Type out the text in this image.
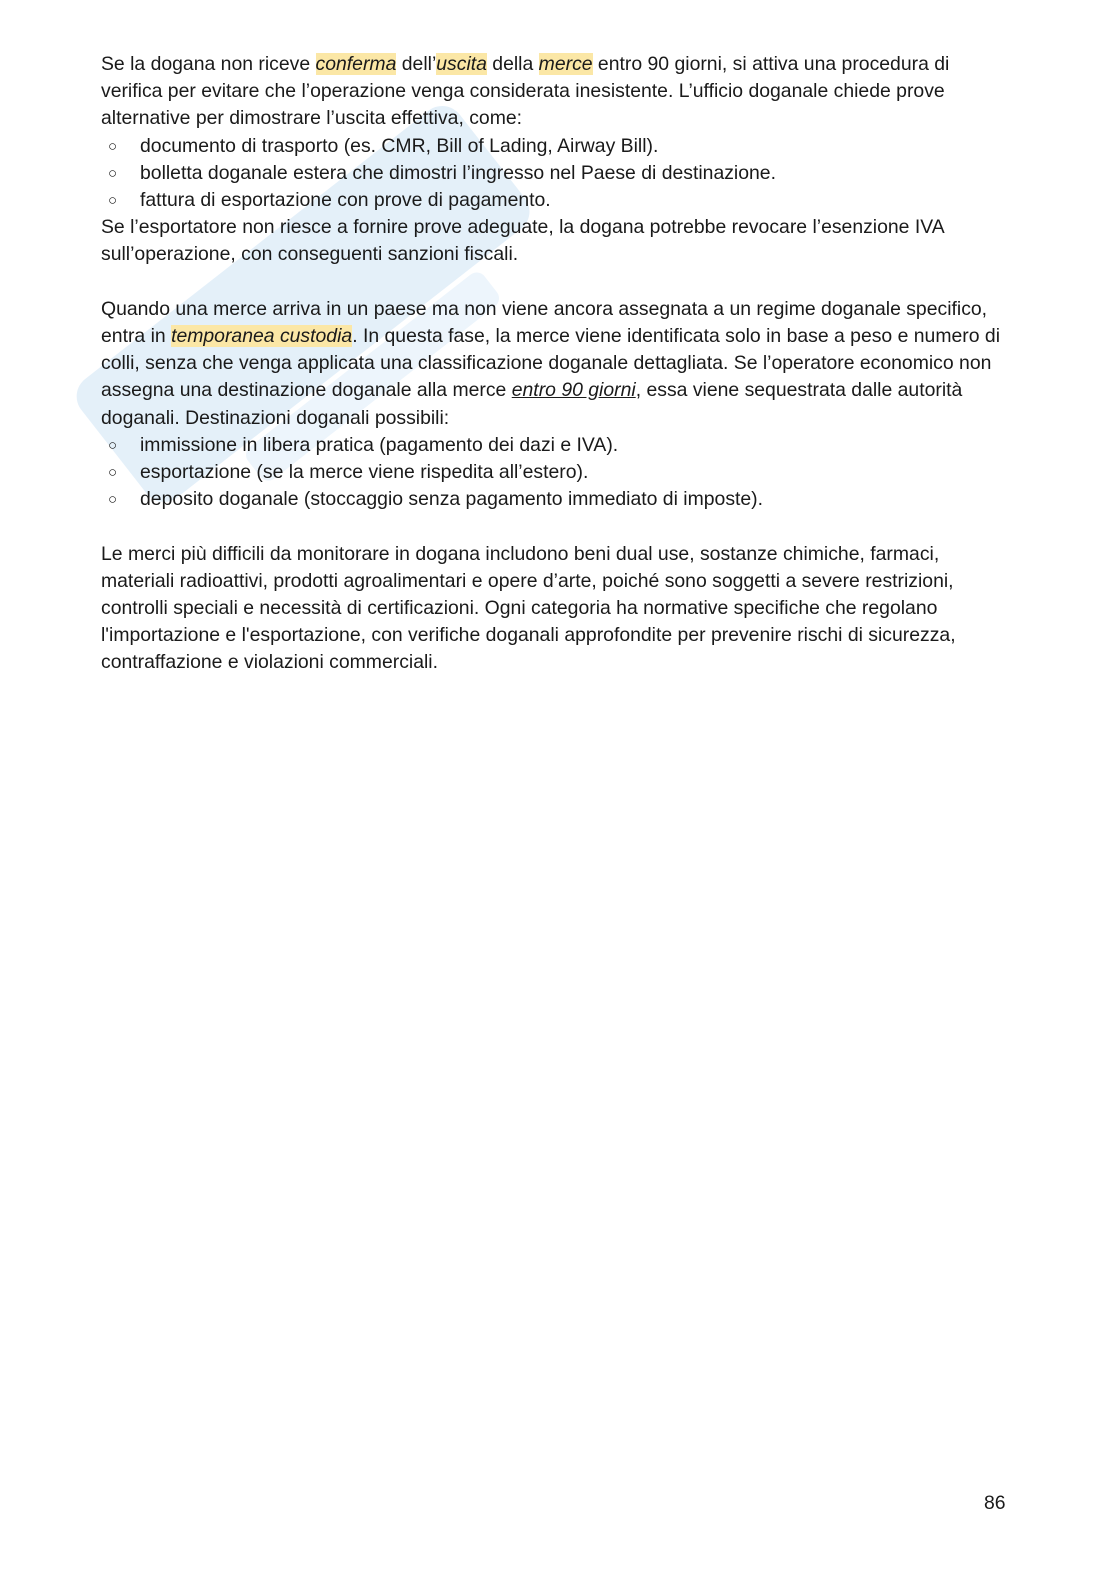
Se la dogana non riceve conferma dell’uscita della merce entro 90 giorni, si attiva una procedura di verifica per evitare che l’operazione venga considerata inesistente. L’ufficio doganale chiede prove alternative per dimostrare l’uscita effettiva, come:

○ documento di trasporto (es. CMR, Bill of Lading, Airway Bill).
○ bolletta doganale estera che dimostri l’ingresso nel Paese di destinazione.
○ fattura di esportazione con prove di pagamento.

Se l’esportatore non riesce a fornire prove adeguate, la dogana potrebbe revocare l’esenzione IVA sull’operazione, con conseguenti sanzioni fiscali.

Quando una merce arriva in un paese ma non viene ancora assegnata a un regime doganale specifico, entra in temporanea custodia. In questa fase, la merce viene identificata solo in base a peso e numero di colli, senza che venga applicata una classificazione doganale dettagliata. Se l’operatore economico non assegna una destinazione doganale alla merce entro 90 giorni, essa viene sequestrata dalle autorità doganali. Destinazioni doganali possibili:

○ immissione in libera pratica (pagamento dei dazi e IVA).
○ esportazione (se la merce viene rispedita all’estero).
○ deposito doganale (stoccaggio senza pagamento immediato di imposte).

Le merci più difficili da monitorare in dogana includono beni dual use, sostanze chimiche, farmaci, materiali radioattivi, prodotti agroalimentari e opere d’arte, poiché sono soggetti a severe restrizioni, controlli speciali e necessità di certificazioni. Ogni categoria ha normative specifiche che regolano l'importazione e l'esportazione, con verifiche doganali approfondite per prevenire rischi di sicurezza, contraffazione e violazioni commerciali.

86
